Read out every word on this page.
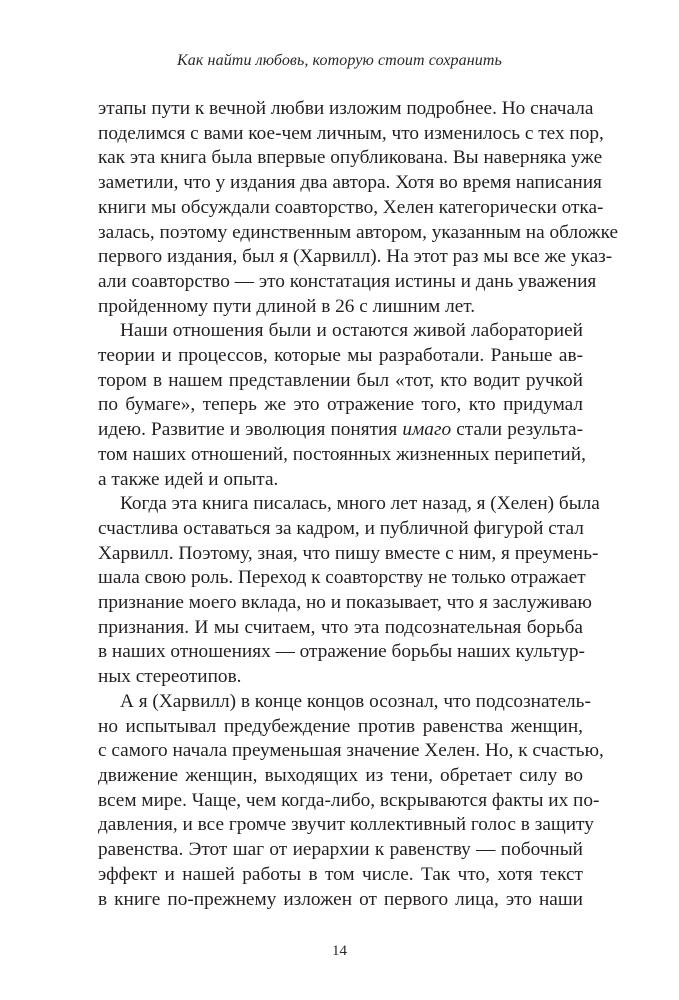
Как найти любовь, которую стоит сохранить

этапы пути к вечной любви изложим подробнее. Но сначала
поделимся с вами кое-чем личным, что изменилось с тех пор,
как эта книга была впервые опубликована. Вы наверняка уже
заметили, что у издания два автора. Хотя во время написания
книги мы обсуждали соавторство, Хелен категорически отка-
залась, поэтому единственным автором, указанным на обложке
первого издания, был я (Харвилл). На этот раз мы все же указ-
али соавторство — это констатация истины и дань уважения
пройденному пути длиной в 26 с лишним лет.

Наши отношения были и остаются живой лабораторией
теории и процессов, которые мы разработали. Раньше ав-
тором в нашем представлении был «тот, кто водит ручкой
по бумаге», теперь же это отражение того, кто придумал
идею. Развитие и эволюция понятия имаго стали результа-
том наших отношений, постоянных жизненных перипетий,
а также идей и опыта.

Когда эта книга писалась, много лет назад, я (Хелен) была
счастлива оставаться за кадром, и публичной фигурой стал
Харвилл. Поэтому, зная, что пишу вместе с ним, я преумень-
шала свою роль. Переход к соавторству не только отражает
признание моего вклада, но и показывает, что я заслуживаю
признания. И мы считаем, что эта подсознательная борьба
в наших отношениях — отражение борьбы наших культур-
ных стереотипов.

А я (Харвилл) в конце концов осознал, что подсознатель-
но испытывал предубеждение против равенства женщин,
с самого начала преуменьшая значение Хелен. Но, к счастью,
движение женщин, выходящих из тени, обретает силу во
всем мире. Чаще, чем когда-либо, вскрываются факты их по-
давления, и все громче звучит коллективный голос в защиту
равенства. Этот шаг от иерархии к равенству — побочный
эффект и нашей работы в том числе. Так что, хотя текст
в книге по-прежнему изложен от первого лица, это наши

14
